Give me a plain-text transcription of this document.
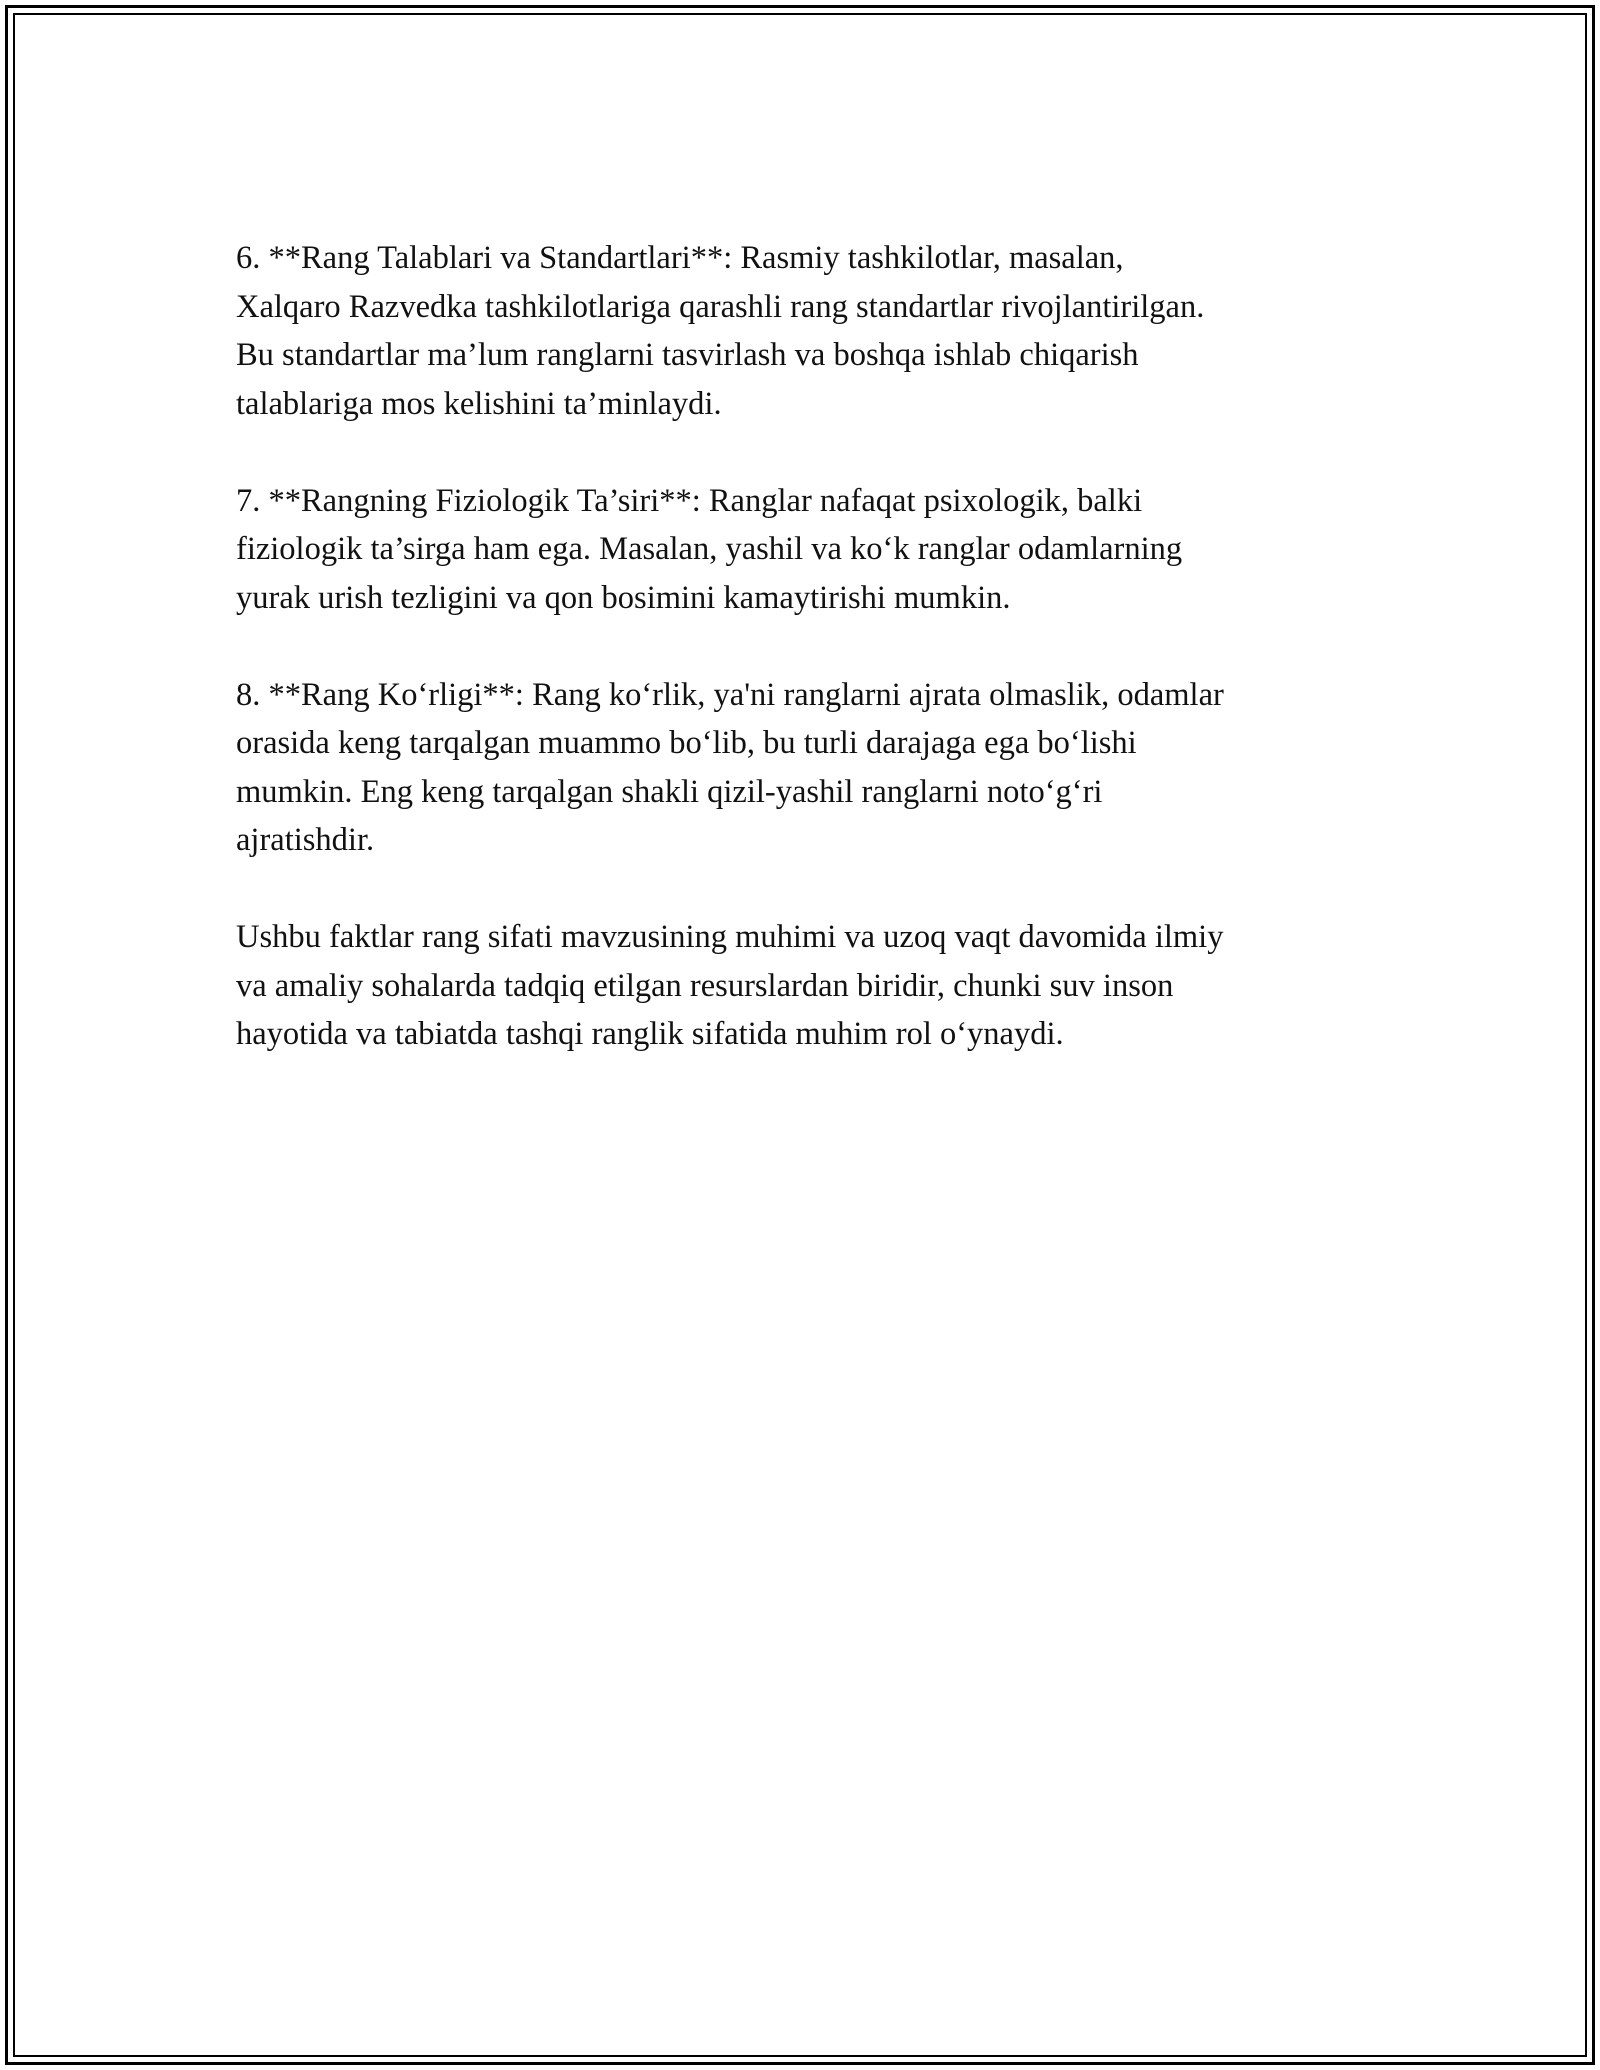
6. **Rang Talablari va Standartlari**: Rasmiy tashkilotlar, masalan,
Xalqaro Razvedka tashkilotlariga qarashli rang standartlar rivojlantirilgan.
Bu standartlar ma’lum ranglarni tasvirlash va boshqa ishlab chiqarish
talablariga mos kelishini ta’minlaydi.

7. **Rangning Fiziologik Ta’siri**: Ranglar nafaqat psixologik, balki
fiziologik ta’sirga ham ega. Masalan, yashil va ko‘k ranglar odamlarning
yurak urish tezligini va qon bosimini kamaytirishi mumkin.

8. **Rang Ko‘rligi**: Rang ko‘rlik, ya'ni ranglarni ajrata olmaslik, odamlar
orasida keng tarqalgan muammo bo‘lib, bu turli darajaga ega bo‘lishi
mumkin. Eng keng tarqalgan shakli qizil-yashil ranglarni noto‘g‘ri
ajratishdir.

Ushbu faktlar rang sifati mavzusining muhimi va uzoq vaqt davomida ilmiy
va amaliy sohalarda tadqiq etilgan resurslardan biridir, chunki suv inson
hayotida va tabiatda tashqi ranglik sifatida muhim rol o‘ynaydi.
